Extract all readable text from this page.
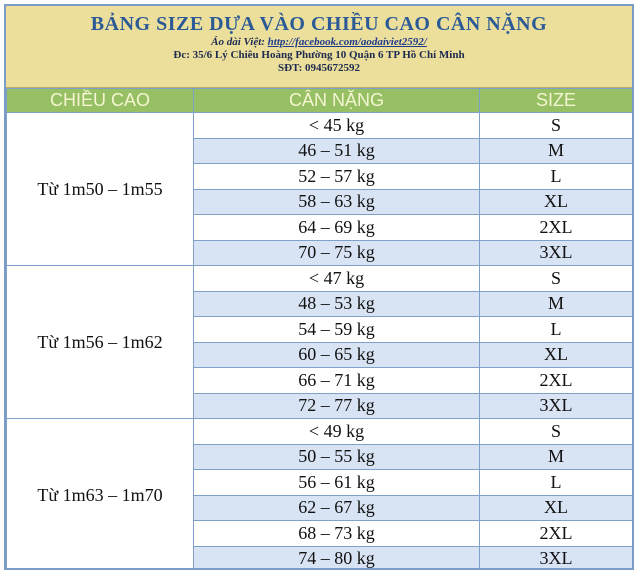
BẢNG SIZE DỰA VÀO CHIỀU CAO CÂN NẶNG
Áo dài Việt: http://facebook.com/aodaiviet2592/
Đc: 35/6 Lý Chiêu Hoàng Phường 10 Quận 6 TP Hồ Chí Minh
SĐT: 0945672592
CHIỀU CAO	CÂN NẶNG	SIZE
Từ 1m50 – 1m55	< 45 kg	S
	46 – 51 kg	M
	52 – 57 kg	L
	58 – 63 kg	XL
	64 – 69 kg	2XL
	70 – 75 kg	3XL
Từ 1m56 – 1m62	< 47 kg	S
	48 – 53 kg	M
	54 – 59 kg	L
	60 – 65 kg	XL
	66 – 71 kg	2XL
	72 – 77 kg	3XL
Từ 1m63 – 1m70	< 49 kg	S
	50 – 55 kg	M
	56 – 61 kg	L
	62 – 67 kg	XL
	68 – 73 kg	2XL
	74 – 80 kg	3XL
